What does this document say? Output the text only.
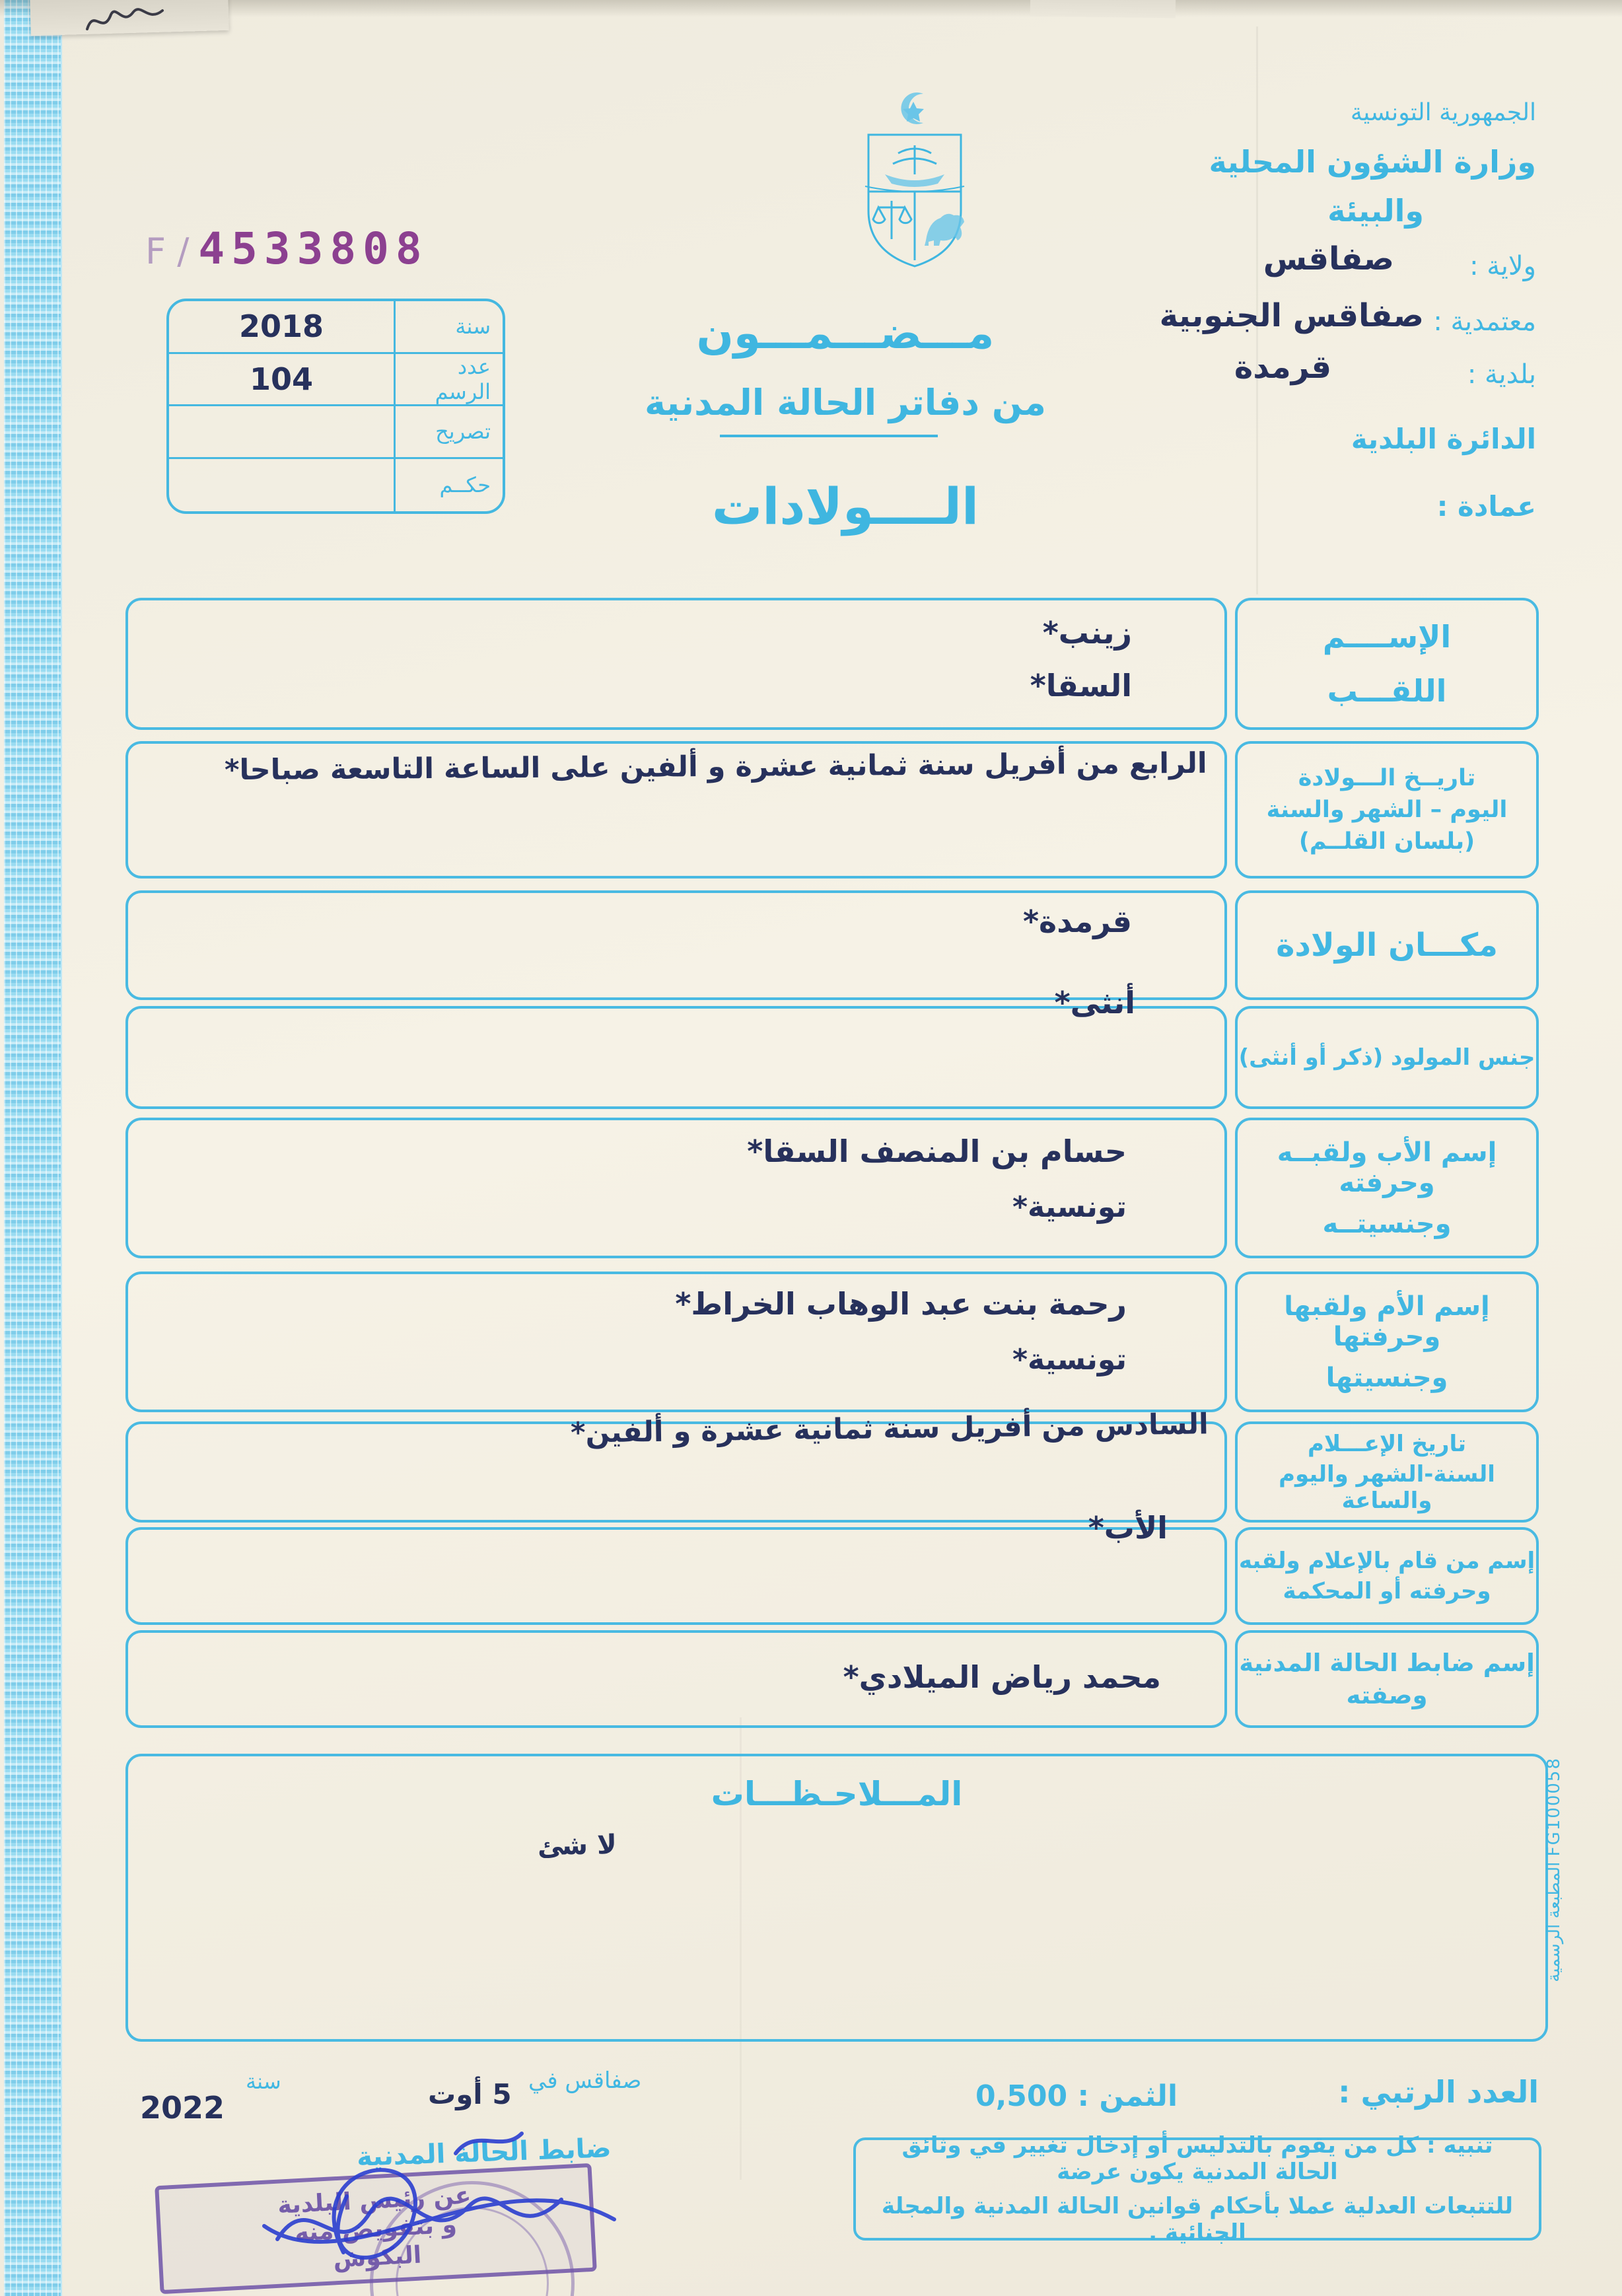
F / 4533808
الجمهورية التونسية
وزارة الشؤون المحلية
والبيئة
ولاية :
صفاقس
معتمدية :
صفاقس الجنوبية
بلدية :
قرمدة
الدائرة البلدية
عمادة :
سنة
2018
عدد الرسم
104
تصريح
حكــم
مـــضـــمـــون
من دفاتر الحالة المدنية
الــــولادات
الإســــم
اللقـــب
زينب*
السقا*
تاريــخ الـــولادة
اليوم – الشهر والسنة
(بلسان القلــم)
الرابع من أفريل سنة ثمانية عشرة و ألفين على الساعة التاسعة صباحا*
مكـــان الولادة
قرمدة*
جنس المولود (ذكر أو أنثى)
أنثى*
إسم الأب ولقبــه وحرفته
وجنسيتــه
حسام بن المنصف السقا*
تونسية*
إسم الأم ولقبها وحرفتها
وجنسيتها
رحمة بنت عبد الوهاب الخراط*
تونسية*
تاريخ الإعـــلام
السنة-الشهر واليوم والساعة
السادس من أفريل سنة ثمانية عشرة و ألفين*
إسم من قام بالإعلام ولقبه
وحرفته أو المحكمة
الأب*
إسم ضابط الحالة المدنية
وصفته
محمد رياض الميلادي*
المـــلاحـظـــات
لا شئ
المطبعة الرسمية FG100058
العدد الرتبي :
الثمن : 0,500
صفاقس في
5 أوت
سنة
2022
ضابط الحالة المدنية	تنبيه : كل من يقوم بالتدليس أو إدخال تغيير في وثائق الحالة المدنية يكون عرضة
للتتبعات العدلية عملا بأحكام قوانين الحالة المدنية والمجلة الجنائية .
عن رئيس البلدية
و بتفويض منه
البكوش
